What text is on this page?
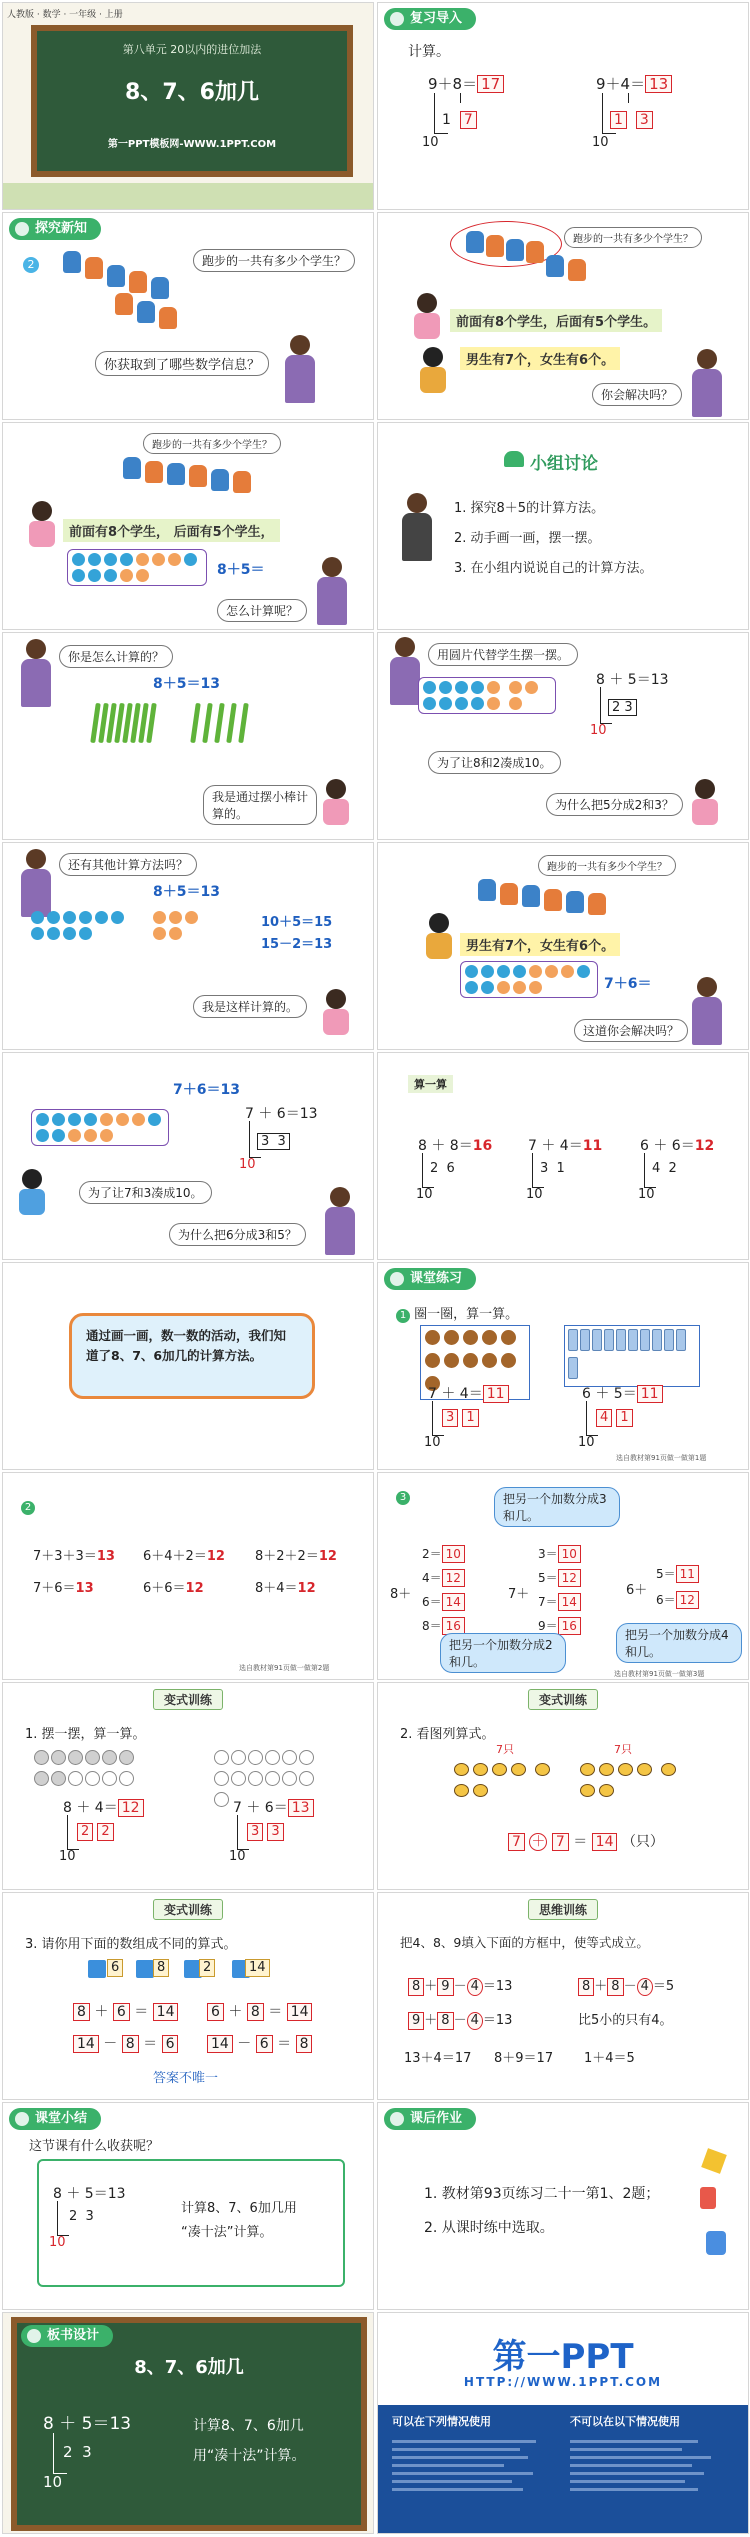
人教版 · 数学 · 一年级 · 上册
第八单元 20以内的进位加法
8、7、6加几
第一PPT模板网-WWW.1PPT.COM
复习导入
计算。
9＋8＝ 17
1 7
10
9＋4＝ 13
1 3
10
探究新知
2	跑步的一共有多少个学生？
你获取到了哪些数学信息？
跑步的一共有多少个学生？
前面有8个学生，后面有5个学生。
男生有7个，女生有6个。
你会解决吗？
跑步的一共有多少个学生？
前面有8个学生， 后面有5个学生，
8＋5＝
怎么计算呢？
小组讨论
1. 探究8＋5的计算方法。
2. 动手画一画，摆一摆。
3. 在小组内说说自己的计算方法。
你是怎么计算的？
8＋5＝13
我是通过摆小棒计算的。
用圆片代替学生摆一摆。
8 ＋ 5＝13
2 3
10
为了让8和2凑成10。
为什么把5分成2和3？
还有其他计算方法吗？
8＋5＝13
10＋5＝15
15－2＝13
我是这样计算的。
跑步的一共有多少个学生？
男生有7个，女生有6个。
7＋6＝
这道你会解决吗？
7＋6＝13
7 ＋ 6＝13
3 3
10
为了让7和3凑成10。
为什么把6分成3和5？
算一算
8 ＋ 8＝16
2 6
10
7 ＋ 4＝11
3 1
10
6 ＋ 6＝12
4 2
10
通过画一画，数一数的活动，我们知道了8、7、6加几的计算方法。
课堂练习
1 圈一圈，算一算。
7 ＋ 4＝ 11
3 1
10
6 ＋ 5＝ 11
4 1
10
选自教材第91页做一做第1题
2
7＋3＋3＝13 6＋4＋2＝12 8＋2＋2＝12
7＋6＝13	6＋6＝12	8＋4＝12
选自教材第91页做一做第2题
3
8＋
2＝ 10
4＝ 12
6＝ 14
8＝ 16
7＋
3＝ 10
5＝ 12
7＝ 14
9＝ 16
6＋
5＝ 11
6＝ 12
把另一个加数分成3和几。
把另一个加数分成2和几。
把另一个加数分成4和几。
选自教材第91页做一做第3题
变式训练
1. 摆一摆，算一算。

8 ＋ 4＝ 12
2 2
10
7 ＋ 6＝ 13
3 3
10
变式训练
2. 看图列算式。
7只	7只

7 ＋ 7 ＝ 14 （只）
变式训练
3. 请你用下面的数组成不同的算式。
6	8	2	14
8 ＋ 6 ＝ 14	6 ＋ 8 ＝ 14
14 － 8 ＝ 6	14 － 6 ＝ 8
答案不唯一
思维训练
把4、8、9填入下面的方框中，使等式成立。
8 ＋ 9 － 4 ＝13	8 ＋ 8 － 4 ＝5
9 ＋ 8 － 4 ＝13	比5小的只有4。
13＋4＝17 8＋9＝17 1＋4＝5
课堂小结
这节课有什么收获呢？
8 ＋ 5＝13
2 3
10
计算8、7、6加几用
“凑十法”计算。
课后作业
1. 教材第93页练习二十一第1、2题；
2. 从课时练中选取。
板书设计
8、7、6加几
8 ＋ 5＝13
2 3
10
计算8、7、6加几
用“凑十法”计算。
第一PPT
HTTP://WWW.1PPT.COM
可以在下列情况使用	不可以在以下情况使用
